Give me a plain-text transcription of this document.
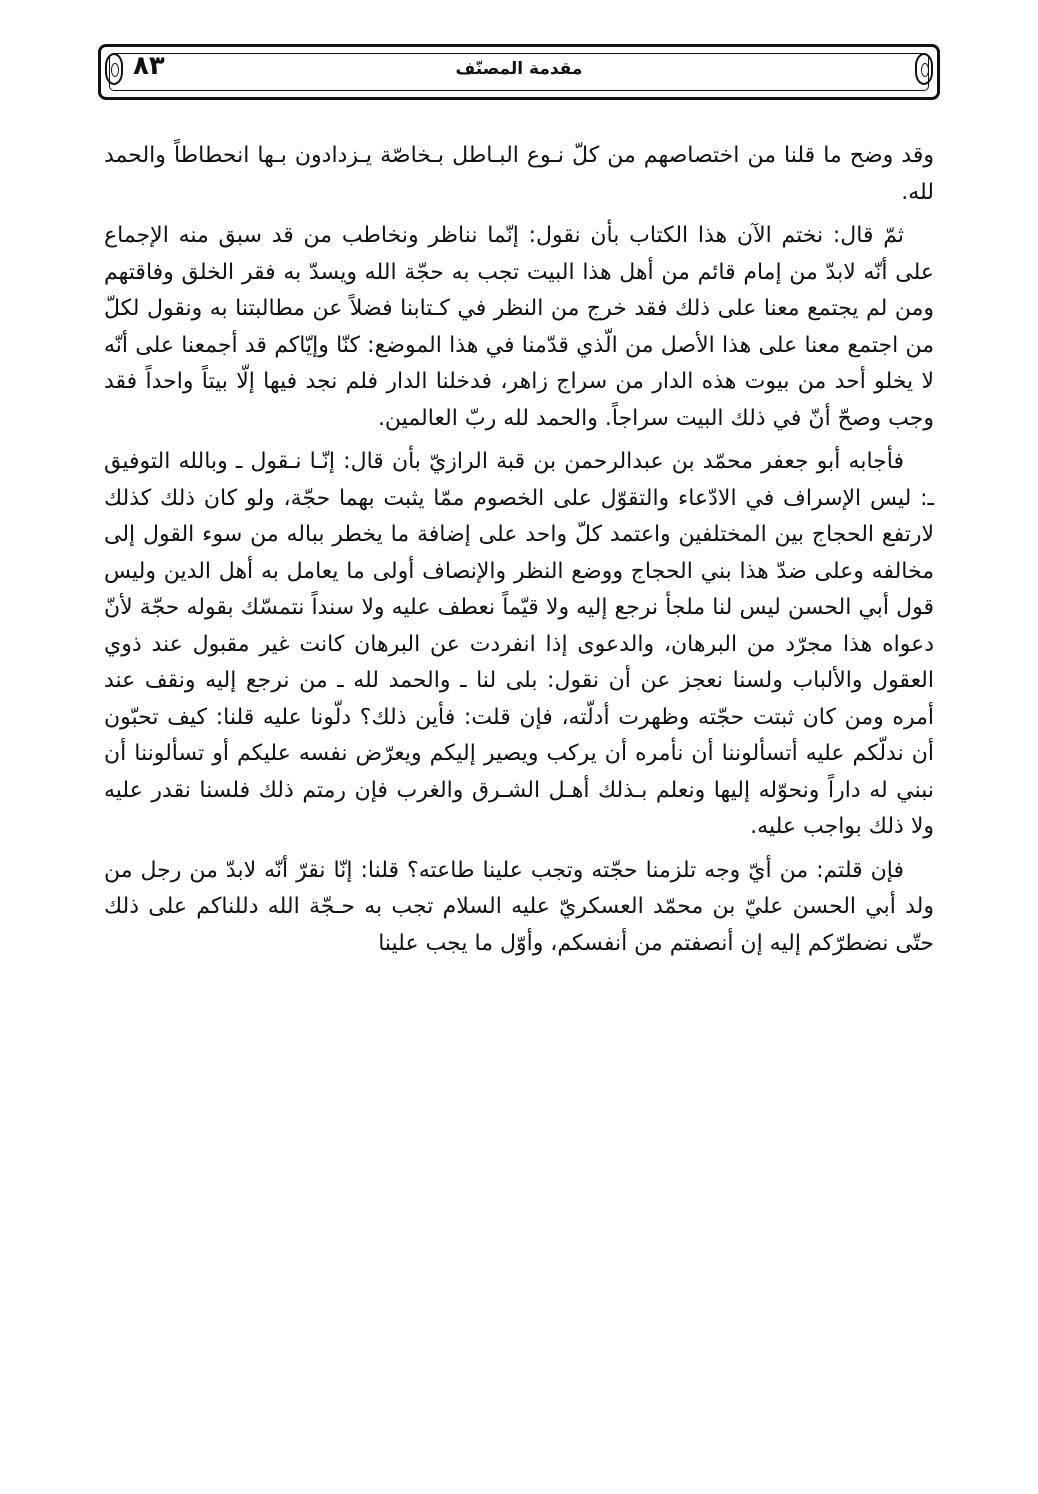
٨٣	مقدمة المصنّف

وقد وضح ما قلنا من اختصاصهم من كلّ نـوع البـاطل بـخاصّة يـزدادون بـها انحطاطاً والحمد لله.

ثمّ قال: نختم الآن هذا الكتاب بأن نقول: إنّما نناظر ونخاطب من قد سبق منه الإجماع على أنّه لابدّ من إمام قائم من أهل هذا البيت تجب به حجّة الله ويسدّ به فقر الخلق وفاقتهم ومن لم يجتمع معنا على ذلك فقد خرج من النظر في كـتابنا فضلاً عن مطالبتنا به ونقول لكلّ من اجتمع معنا على هذا الأصل من الّذي قدّمنا في هذا الموضع: كنّا وإيّاكم قد أجمعنا على أنّه لا يخلو أحد من بيوت هذه الدار من سراج زاهر، فدخلنا الدار فلم نجد فيها إلّا بيتاً واحداً فقد وجب وصحّ أنّ في ذلك البيت سراجاً. والحمد لله ربّ العالمين.

فأجابه أبو جعفر محمّد بن عبدالرحمن بن قبة الرازيّ بأن قال: إنّـا نـقول ـ وبالله التوفيق ـ: ليس الإسراف في الادّعاء والتقوّل على الخصوم ممّا يثبت بهما حجّة، ولو كان ذلك كذلك لارتفع الحجاج بين المختلفين واعتمد كلّ واحد على إضافة ما يخطر بباله من سوء القول إلى مخالفه وعلى ضدّ هذا بني الحجاج ووضع النظر والإنصاف أولى ما يعامل به أهل الدين وليس قول أبي الحسن ليس لنا ملجأ نرجع إليه ولا قيّماً نعطف عليه ولا سنداً نتمسّك بقوله حجّة لأنّ دعواه هذا مجرّد من البرهان، والدعوى إذا انفردت عن البرهان كانت غير مقبول عند ذوي العقول والألباب ولسنا نعجز عن أن نقول: بلى لنا ـ والحمد لله ـ من نرجع إليه ونقف عند أمره ومن كان ثبتت حجّته وظهرت أدلّته، فإن قلت: فأين ذلك؟ دلّونا عليه قلنا: كيف تحبّون أن ندلّكم عليه أتسألوننا أن نأمره أن يركب ويصير إليكم ويعرّض نفسه عليكم أو تسألوننا أن نبني له داراً ونحوّله إليها ونعلم بـذلك أهـل الشـرق والغرب فإن رمتم ذلك فلسنا نقدر عليه ولا ذلك بواجب عليه.

فإن قلتم: من أيّ وجه تلزمنا حجّته وتجب علينا طاعته؟ قلنا: إنّا نقرّ أنّه لابدّ من رجل من ولد أبي الحسن عليّ بن محمّد العسكريّ عليه السلام تجب به حـجّة الله دللناكم على ذلك حتّى نضطرّكم إليه إن أنصفتم من أنفسكم، وأوّل ما يجب علينا
